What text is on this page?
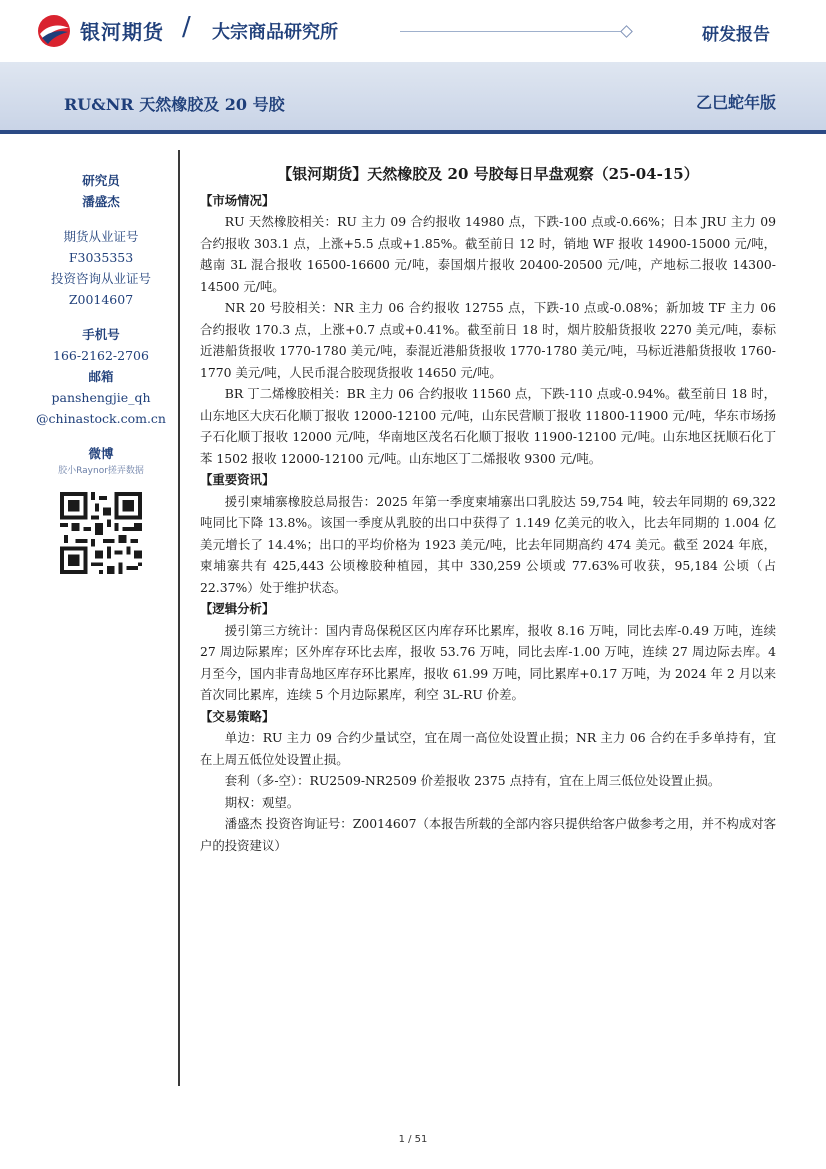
银河期货 / 大宗商品研究所	研发报告
RU&NR 天然橡胶及 20 号胶	乙巳蛇年版
研究员
潘盛杰
期货从业证号
F3035353
投资咨询从业证号
Z0014607
手机号
166-2162-2706
邮箱
panshengjie_qh
@chinastock.com.cn
微博
胶小Raynor搓弄数据
【银河期货】天然橡胶及 20 号胶每日早盘观察（25-04-15）
【市场情况】

RU 天然橡胶相关：RU 主力 09 合约报收 14980 点，下跌-100 点或-0.66%；日本 JRU 主力 09 合约报收 303.1 点，上涨+5.5 点或+1.85%。截至前日 12 时，销地 WF 报收 14900-15000 元/吨，越南 3L 混合报收 16500-16600 元/吨，泰国烟片报收 20400-20500 元/吨，产地标二报收 14300-14500 元/吨。

NR 20 号胶相关：NR 主力 06 合约报收 12755 点，下跌-10 点或-0.08%；新加坡 TF 主力 06 合约报收 170.3 点，上涨+0.7 点或+0.41%。截至前日 18 时，烟片胶船货报收 2270 美元/吨，泰标近港船货报收 1770-1780 美元/吨，泰混近港船货报收 1770-1780 美元/吨，马标近港船货报收 1760-1770 美元/吨，人民币混合胶现货报收 14650 元/吨。

BR 丁二烯橡胶相关：BR 主力 06 合约报收 11560 点，下跌-110 点或-0.94%。截至前日 18 时，山东地区大庆石化顺丁报收 12000-12100 元/吨，山东民营顺丁报收 11800-11900 元/吨，华东市场扬子石化顺丁报收 12000 元/吨，华南地区茂名石化顺丁报收 11900-12100 元/吨。山东地区抚顺石化丁苯 1502 报收 12000-12100 元/吨。山东地区丁二烯报收 9300 元/吨。

【重要资讯】

援引柬埔寨橡胶总局报告：2025 年第一季度柬埔寨出口乳胶达 59,754 吨，较去年同期的 69,322 吨同比下降 13.8%。该国一季度从乳胶的出口中获得了 1.149 亿美元的收入，比去年同期的 1.004 亿美元增长了 14.4%；出口的平均价格为 1923 美元/吨，比去年同期高约 474 美元。截至 2024 年底，柬埔寨共有 425,443 公顷橡胶种植园，其中 330,259 公顷或 77.63%可收获，95,184 公顷（占 22.37%）处于维护状态。

【逻辑分析】

援引第三方统计：国内青岛保税区区内库存环比累库，报收 8.16 万吨，同比去库-0.49 万吨，连续 27 周边际累库；区外库存环比去库，报收 53.76 万吨，同比去库-1.00 万吨，连续 27 周边际去库。4 月至今，国内非青岛地区库存环比累库，报收 61.99 万吨，同比累库+0.17 万吨，为 2024 年 2 月以来首次同比累库，连续 5 个月边际累库，利空 3L-RU 价差。

【交易策略】

单边：RU 主力 09 合约少量试空，宜在周一高位处设置止损；NR 主力 06 合约在手多单持有，宜在上周五低位处设置止损。

套利（多-空）：RU2509-NR2509 价差报收 2375 点持有，宜在上周三低位处设置止损。

期权：观望。

潘盛杰 投资咨询证号：Z0014607（本报告所载的全部内容只提供给客户做参考之用，并不构成对客户的投资建议）

1 / 51
